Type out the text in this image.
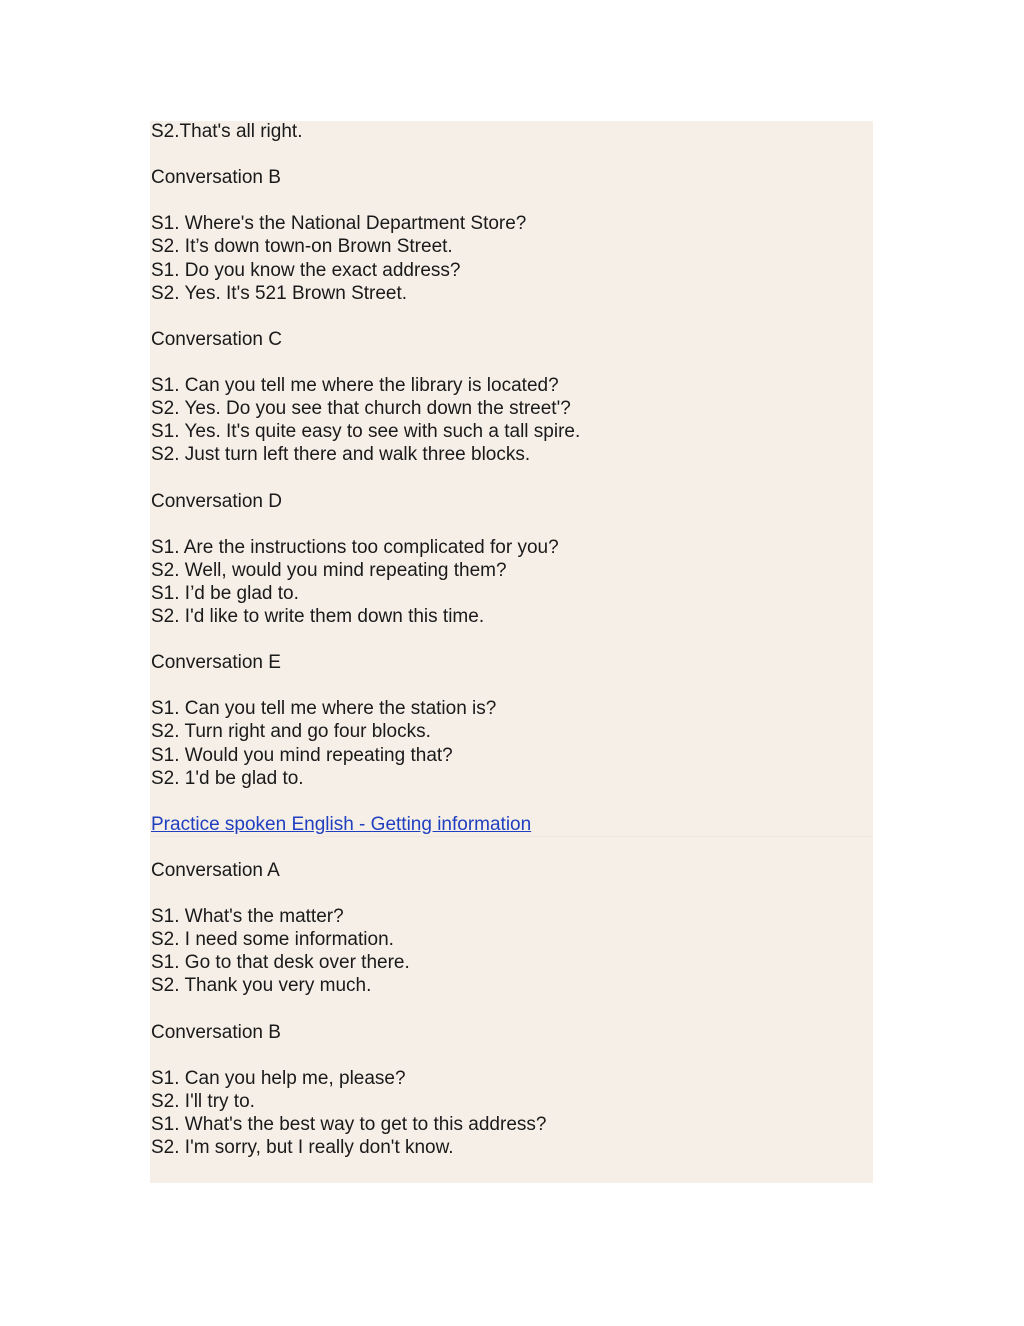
S2.That's all right.
Conversation B
S1. Where's the National Department Store?
S2. It’s down town-on Brown Street.
S1. Do you know the exact address?
S2. Yes. It's 521 Brown Street.
Conversation C
S1. Can you tell me where the library is located?
S2. Yes. Do you see that church down the street'?
S1. Yes. It's quite easy to see with such a tall spire.
S2. Just turn left there and walk three blocks.
Conversation D
S1. Are the instructions too complicated for you?
S2. Well, would you mind repeating them?
S1. I’d be glad to.
S2. I'd like to write them down this time.
Conversation E
S1. Can you tell me where the station is?
S2. Turn right and go four blocks.
S1. Would you mind repeating that?
S2. 1'd be glad to.
Practice spoken English - Getting information
Conversation A
S1. What's the matter?
S2. I need some information.
S1. Go to that desk over there.
S2. Thank you very much.
Conversation B
S1. Can you help me, please?
S2. I'll try to.
S1. What's the best way to get to this address?
S2. I'm sorry, but I really don't know.
